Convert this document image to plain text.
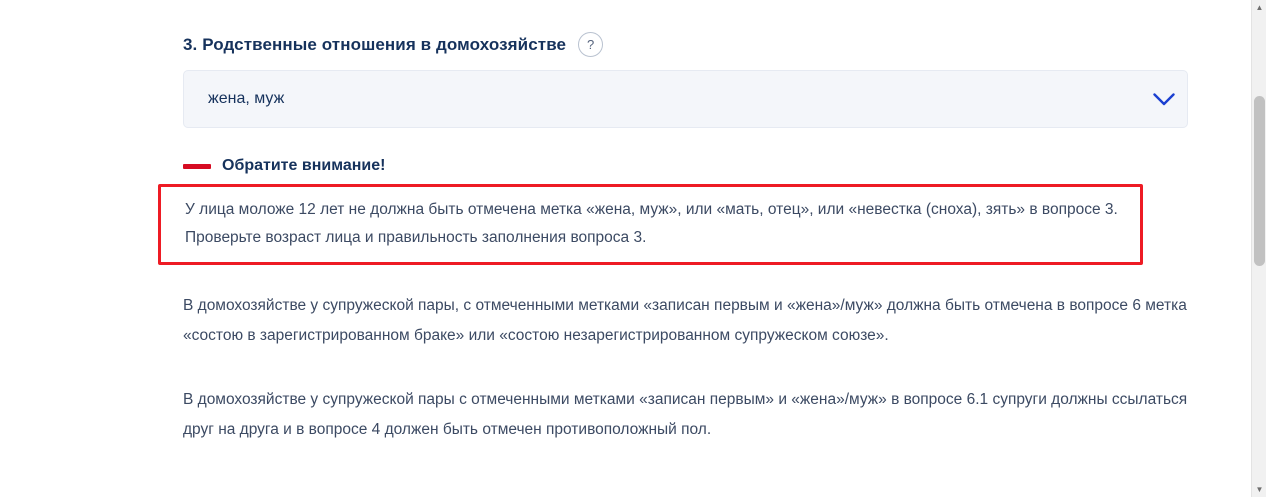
3. Родственные отношения в домохозяйстве	?
жена, муж
Обратите внимание!
У лица моложе 12 лет не должна быть отмечена метка «жена, муж», или «мать, отец», или «невестка (сноха), зять» в вопросе 3. Проверьте возраст лица и правильность заполнения вопроса 3.
В домохозяйстве у супружеской пары, с отмеченными метками «записан первым и «жена»/муж» должна быть отмечена в вопросе 6 метка «состою в зарегистрированном браке» или «состою незарегистрированном супружеском союзе».
В домохозяйстве у супружеской пары с отмеченными метками «записан первым» и «жена»/муж» в вопросе 6.1 супруги должны ссылаться друг на друга и в вопросе 4 должен быть отмечен противоположный пол.
▲
▼
